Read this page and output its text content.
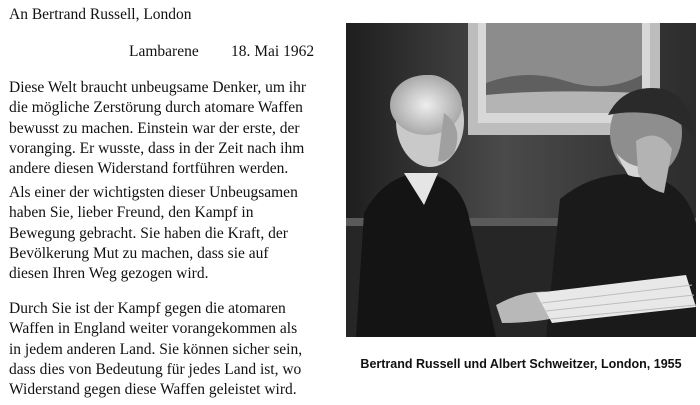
An Bertrand Russell, London
Lambarene 18. Mai 1962
Diese Welt braucht unbeugsame Denker, um ihr
die mögliche Zerstörung durch atomare Waffen
bewusst zu machen. Einstein war der erste, der
voranging. Er wusste, dass in der Zeit nach ihm
andere diesen Widerstand fortführen werden.
Als einer der wichtigsten dieser Unbeugsamen
haben Sie, lieber Freund, den Kampf in
Bewegung gebracht. Sie haben die Kraft, der
Bevölkerung Mut zu machen, dass sie auf
diesen Ihren Weg gezogen wird.
Durch Sie ist der Kampf gegen die atomaren
Waffen in England weiter vorangekommen als
in jedem anderen Land. Sie können sicher sein,
dass dies von Bedeutung für jedes Land ist, wo
Widerstand gegen diese Waffen geleistet wird.
Bertrand Russell und Albert Schweitzer, London, 1955
